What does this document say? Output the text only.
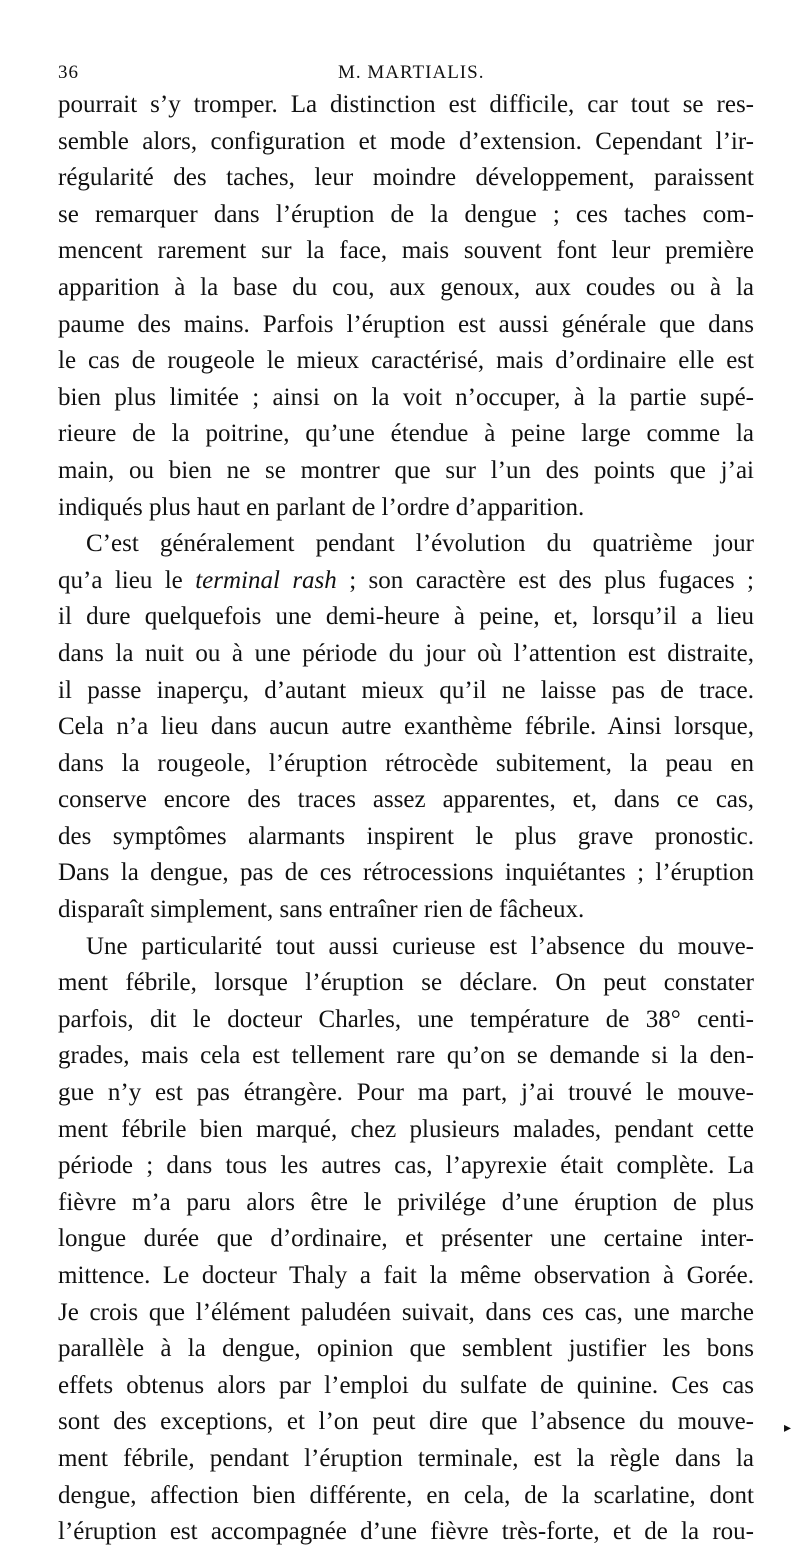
36	M. MARTIALIS.
pourrait s’y tromper. La distinction est difficile, car tout se res-
semble alors, configuration et mode d’extension. Cependant l’ir-
régularité des taches, leur moindre développement, paraissent
se remarquer dans l’éruption de la dengue ; ces taches com-
mencent rarement sur la face, mais souvent font leur première
apparition à la base du cou, aux genoux, aux coudes ou à la
paume des mains. Parfois l’éruption est aussi générale que dans
le cas de rougeole le mieux caractérisé, mais d’ordinaire elle est
bien plus limitée ; ainsi on la voit n’occuper, à la partie supé-
rieure de la poitrine, qu’une étendue à peine large comme la
main, ou bien ne se montrer que sur l’un des points que j’ai
indiqués plus haut en parlant de l’ordre d’apparition.
C’est généralement pendant l’évolution du quatrième jour
qu’a lieu le terminal rash ; son caractère est des plus fugaces ;
il dure quelquefois une demi-heure à peine, et, lorsqu’il a lieu
dans la nuit ou à une période du jour où l’attention est distraite,
il passe inaperçu, d’autant mieux qu’il ne laisse pas de trace.
Cela n’a lieu dans aucun autre exanthème fébrile. Ainsi lorsque,
dans la rougeole, l’éruption rétrocède subitement, la peau en
conserve encore des traces assez apparentes, et, dans ce cas,
des symptômes alarmants inspirent le plus grave pronostic.
Dans la dengue, pas de ces rétrocessions inquiétantes ; l’éruption
disparaît simplement, sans entraîner rien de fâcheux.
Une particularité tout aussi curieuse est l’absence du mouve-
ment fébrile, lorsque l’éruption se déclare. On peut constater
parfois, dit le docteur Charles, une température de 38° centi-
grades, mais cela est tellement rare qu’on se demande si la den-
gue n’y est pas étrangère. Pour ma part, j’ai trouvé le mouve-
ment fébrile bien marqué, chez plusieurs malades, pendant cette
période ; dans tous les autres cas, l’apyrexie était complète. La
fièvre m’a paru alors être le privilége d’une éruption de plus
longue durée que d’ordinaire, et présenter une certaine inter-
mittence. Le docteur Thaly a fait la même observation à Gorée.
Je crois que l’élément paludéen suivait, dans ces cas, une marche
parallèle à la dengue, opinion que semblent justifier les bons
effets obtenus alors par l’emploi du sulfate de quinine. Ces cas
sont des exceptions, et l’on peut dire que l’absence du mouve-
ment fébrile, pendant l’éruption terminale, est la règle dans la
dengue, affection bien différente, en cela, de la scarlatine, dont
l’éruption est accompagnée d’une fièvre très-forte, et de la rou-
▸
